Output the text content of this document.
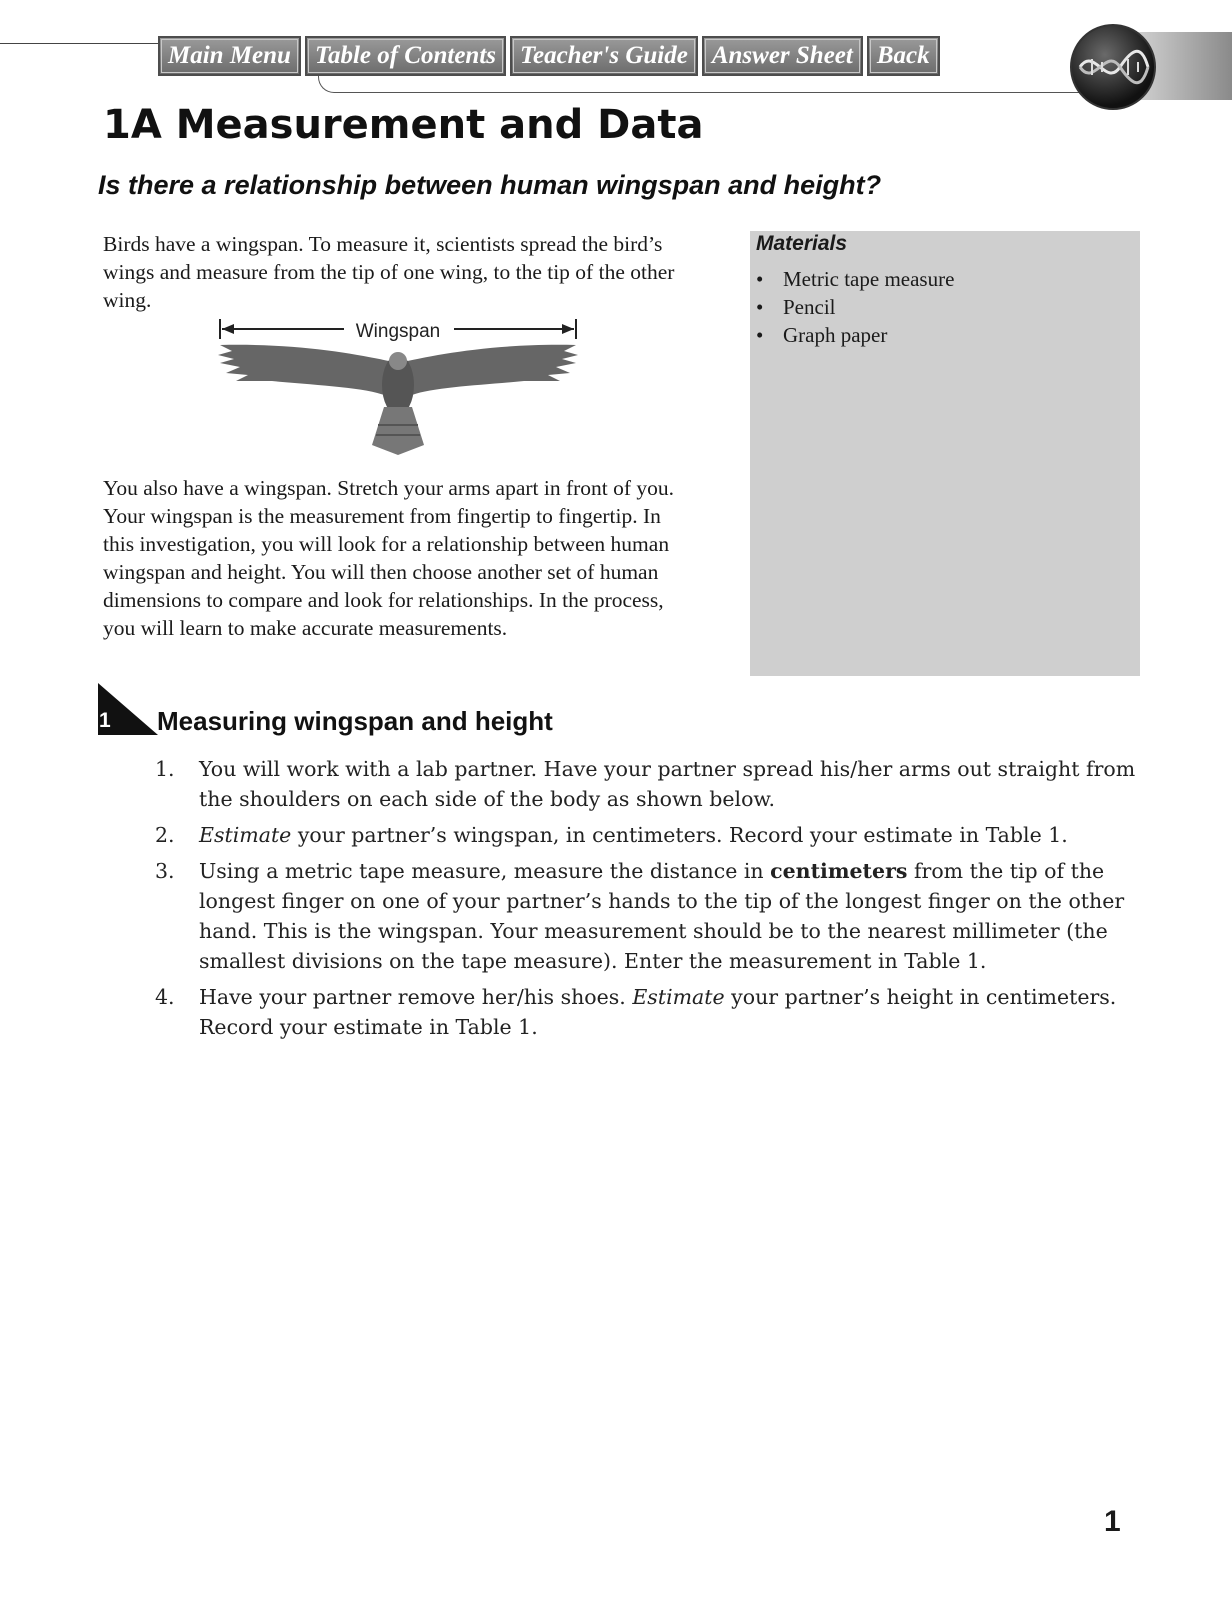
Main Menu Table of Contents Teacher's Guide Answer Sheet Back
1A Measurement and Data
Is there a relationship between human wingspan and height?

Birds have a wingspan. To measure it, scientists spread the bird’s wings and measure from the tip of one wing, to the tip of the other wing.

Wingspan

You also have a wingspan. Stretch your arms apart in front of you. Your wingspan is the measurement from fingertip to fingertip. In this investigation, you will look for a relationship between human wingspan and height. You will then choose another set of human dimensions to compare and look for relationships. In the process, you will learn to make accurate measurements.

Materials
• Metric tape measure
• Pencil
• Graph paper
1 Measuring wingspan and height
1. You will work with a lab partner. Have your partner spread his/her arms out straight from the shoulders on each side of the body as shown below.
2. Estimate your partner’s wingspan, in centimeters. Record your estimate in Table 1.
3. Using a metric tape measure, measure the distance in centimeters from the tip of the longest finger on one of your partner’s hands to the tip of the longest finger on the other hand. This is the wingspan. Your measurement should be to the nearest millimeter (the smallest divisions on the tape measure). Enter the measurement in Table 1.
4. Have your partner remove her/his shoes. Estimate your partner’s height in centimeters. Record your estimate in Table 1.
1
